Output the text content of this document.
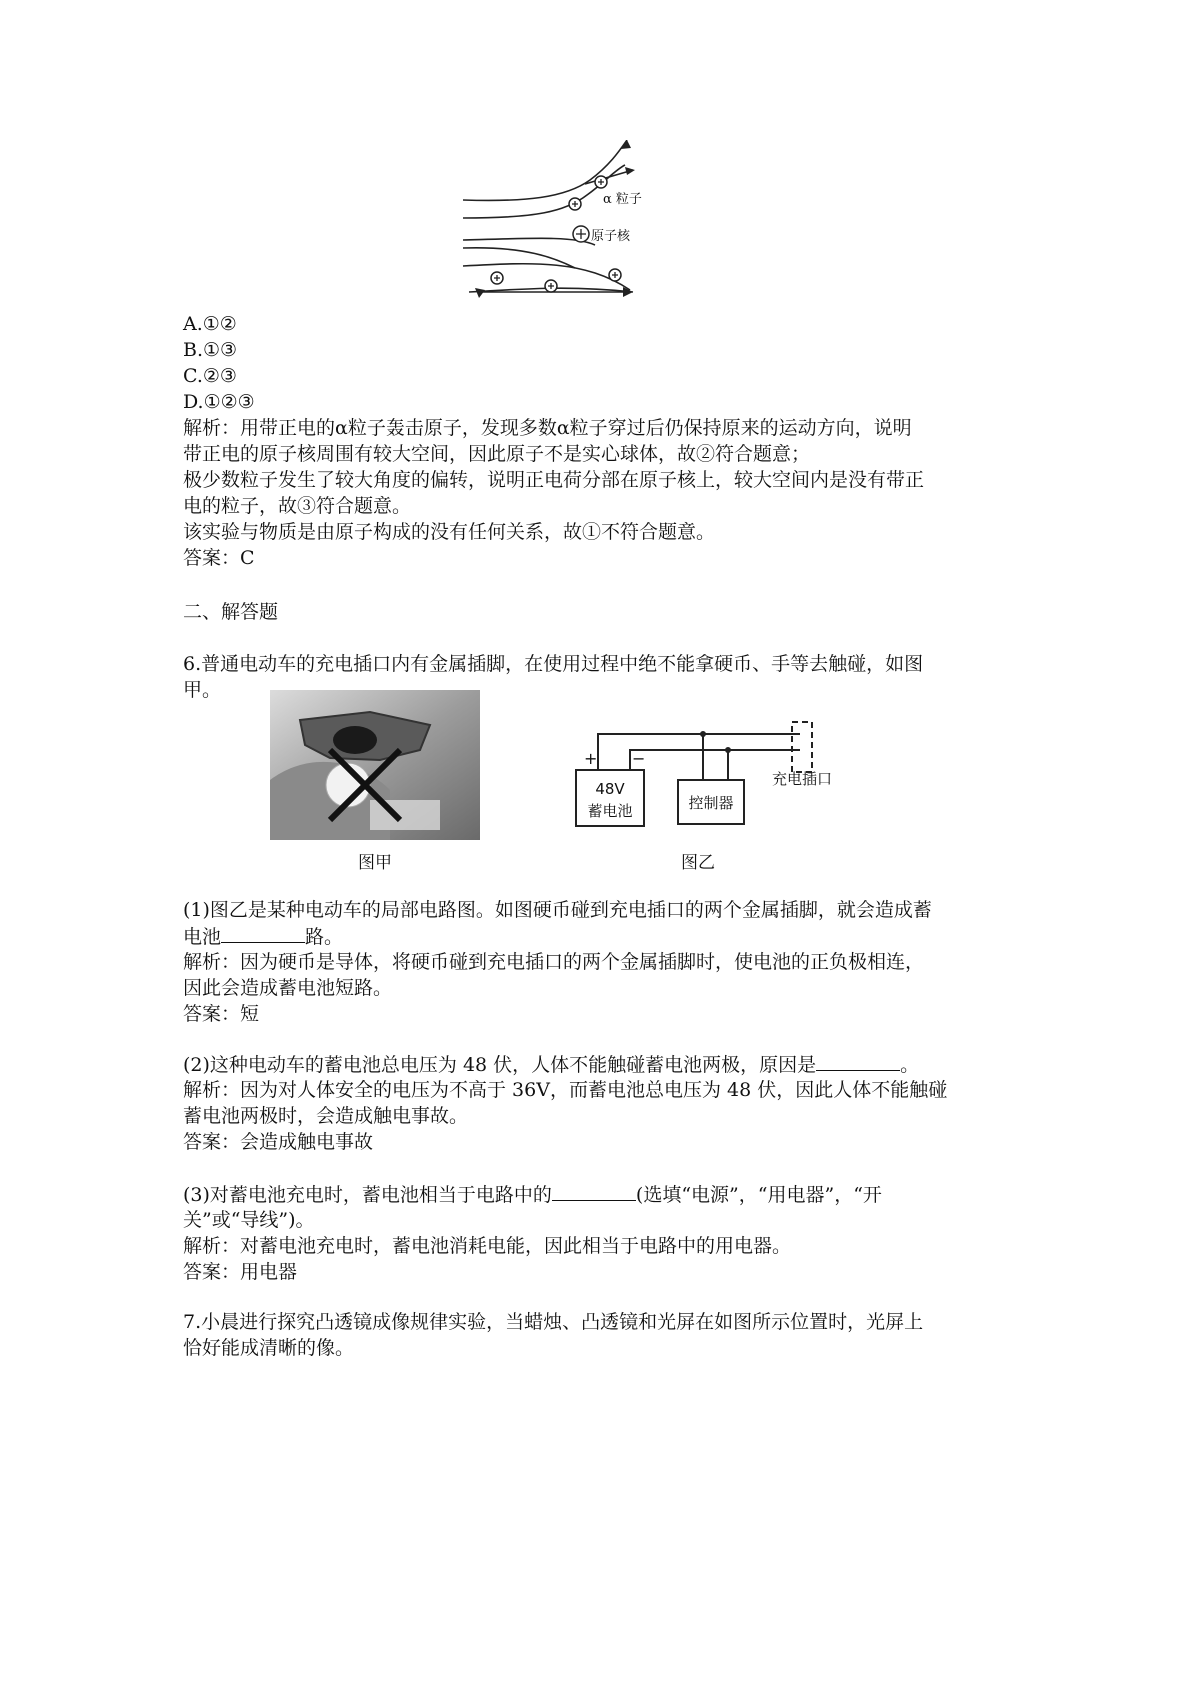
α 粒子
原子核
A.①②
B.①③
C.②③
D.①②③
解析：用带正电的α粒子轰击原子，发现多数α粒子穿过后仍保持原来的运动方向，说明
带正电的原子核周围有较大空间，因此原子不是实心球体，故②符合题意；
极少数粒子发生了较大角度的偏转，说明正电荷分部在原子核上，较大空间内是没有带正
电的粒子，故③符合题意。
该实验与物质是由原子构成的没有任何关系，故①不符合题意。
答案：C
二、解答题
6.普通电动车的充电插口内有金属插脚，在使用过程中绝不能拿硬币、手等去触碰，如图
甲。
图甲
+ −
48V
蓄电池	控制器
充电插口
图乙
(1)图乙是某种电动车的局部电路图。如图硬币碰到充电插口的两个金属插脚，就会造成蓄
电池	路。
解析：因为硬币是导体，将硬币碰到充电插口的两个金属插脚时，使电池的正负极相连，
因此会造成蓄电池短路。
答案：短
(2)这种电动车的蓄电池总电压为 48 伏，人体不能触碰蓄电池两极，原因是	。
解析：因为对人体安全的电压为不高于 36V，而蓄电池总电压为 48 伏，因此人体不能触碰
蓄电池两极时，会造成触电事故。
答案：会造成触电事故
(3)对蓄电池充电时，蓄电池相当于电路中的	(选填“电源”，“用电器”，“开
关”或“导线”)。
解析：对蓄电池充电时，蓄电池消耗电能，因此相当于电路中的用电器。
答案：用电器
7.小晨进行探究凸透镜成像规律实验，当蜡烛、凸透镜和光屏在如图所示位置时，光屏上
恰好能成清晰的像。
